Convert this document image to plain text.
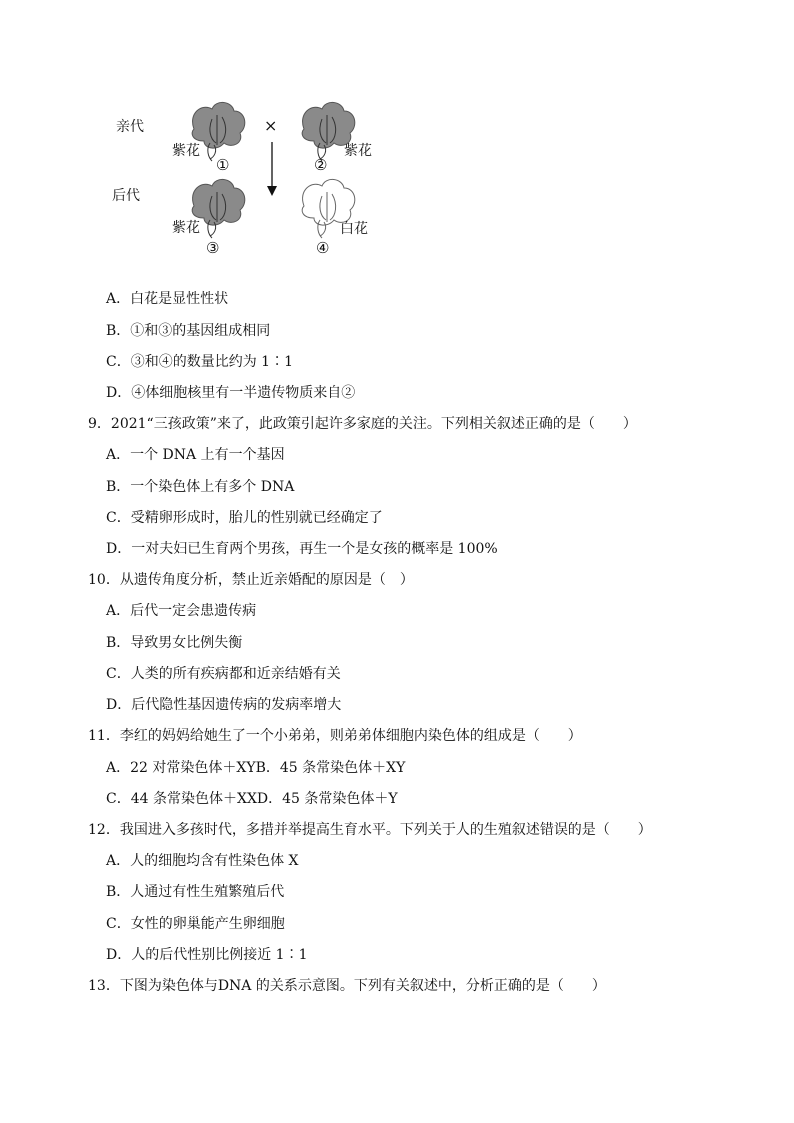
亲代
后代
×
紫花
①
紫花
②
紫花
③
白花
④
A．白花是显性性状
B．①和③的基因组成相同
C．③和④的数量比约为 1∶1
D．④体细胞核里有一半遗传物质来自②
9．2021“三孩政策”来了，此政策引起许多家庭的关注。下列相关叙述正确的是（　　）
A．一个 DNA 上有一个基因
B．一个染色体上有多个 DNA
C．受精卵形成时，胎儿的性别就已经确定了
D．一对夫妇已生育两个男孩，再生一个是女孩的概率是 100%
10．从遗传角度分析，禁止近亲婚配的原因是（　）
A．后代一定会患遗传病
B．导致男女比例失衡
C．人类的所有疾病都和近亲结婚有关
D．后代隐性基因遗传病的发病率增大
11．李红的妈妈给她生了一个小弟弟，则弟弟体细胞内染色体的组成是（　　）
A．22 对常染色体＋XYB．45 条常染色体＋XY
C．44 条常染色体＋XXD．45 条常染色体＋Y
12．我国进入多孩时代，多措并举提高生育水平。下列关于人的生殖叙述错误的是（　　）
A．人的细胞均含有性染色体 X
B．人通过有性生殖繁殖后代
C．女性的卵巢能产生卵细胞
D．人的后代性别比例接近 1∶1
13．下图为染色体与DNA 的关系示意图。下列有关叙述中，分析正确的是（　　）
